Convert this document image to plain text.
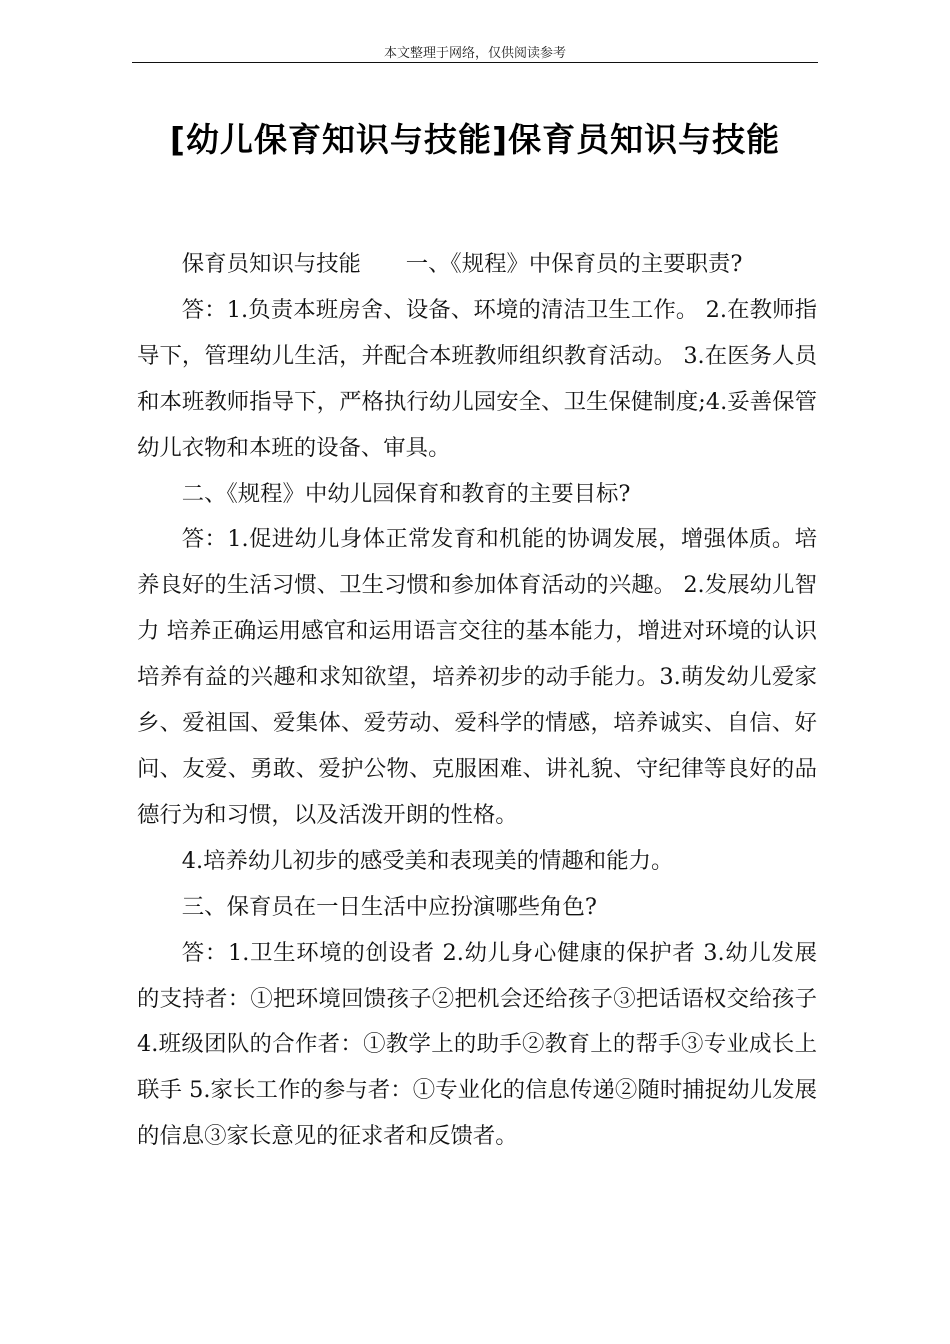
本文整理于网络，仅供阅读参考
[幼儿保育知识与技能]保育员知识与技能

保育员知识与技能 一、《规程》中保育员的主要职责?

答：1.负责本班房舍、设备、环境的清洁卫生工作。 2.在教师指导下，管理幼儿生活，并配合本班教师组织教育活动。 3.在医务人员和本班教师指导下，严格执行幼儿园安全、卫生保健制度;4.妥善保管幼儿衣物和本班的设备、审具。

二、《规程》中幼儿园保育和教育的主要目标?

答：1.促进幼儿身体正常发育和机能的协调发展，增强体质。培养良好的生活习惯、卫生习惯和参加体育活动的兴趣。 2.发展幼儿智力 培养正确运用感官和运用语言交往的基本能力，增进对环境的认识 培养有益的兴趣和求知欲望，培养初步的动手能力。3.萌发幼儿爱家乡、爱祖国、爱集体、爱劳动、爱科学的情感，培养诚实、自信、好问、友爱、勇敢、爱护公物、克服困难、讲礼貌、守纪律等良好的品德行为和习惯，以及活泼开朗的性格。

4.培养幼儿初步的感受美和表现美的情趣和能力。

三、保育员在一日生活中应扮演哪些角色?

答：1.卫生环境的创设者 2.幼儿身心健康的保护者 3.幼儿发展的支持者：①把环境回馈孩子②把机会还给孩子③把话语权交给孩子 4.班级团队的合作者：①教学上的助手②教育上的帮手③专业成长上联手 5.家长工作的参与者：①专业化的信息传递②随时捕捉幼儿发展的信息③家长意见的征求者和反馈者。
